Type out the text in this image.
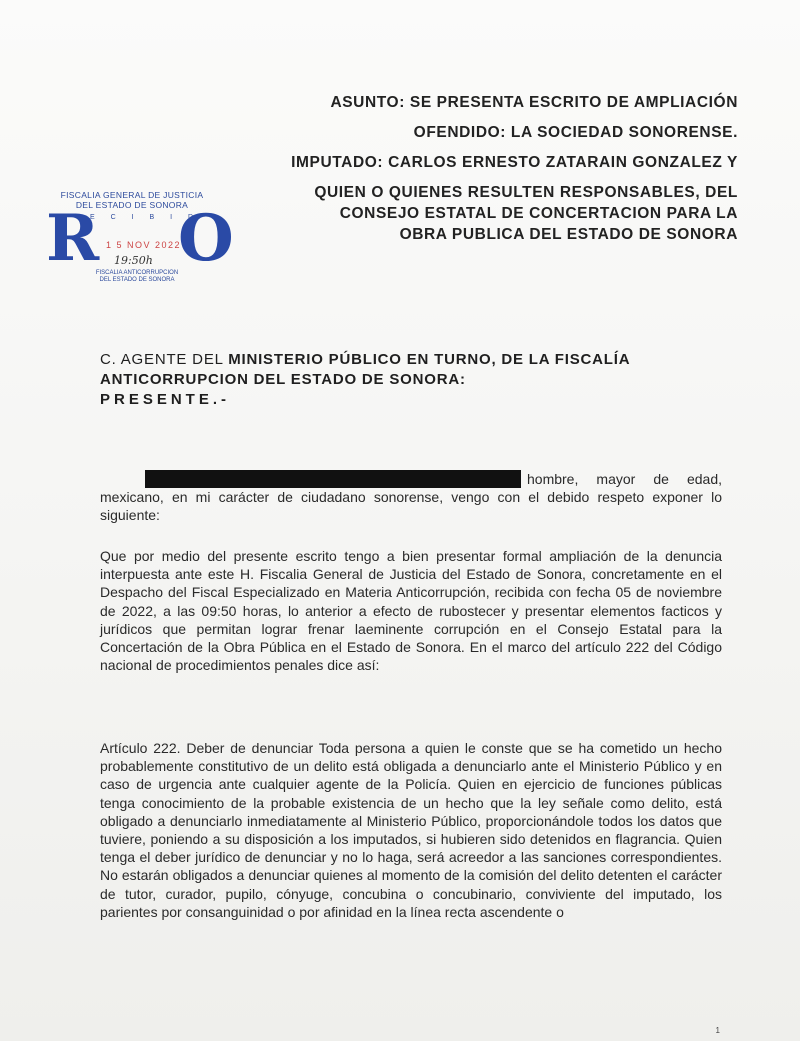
ASUNTO: SE PRESENTA ESCRITO DE AMPLIACIÓN
OFENDIDO: LA SOCIEDAD SONORENSE.
IMPUTADO: CARLOS ERNESTO ZATARAIN GONZALEZ Y
QUIEN O QUIENES RESULTEN RESPONSABLES, DEL
CONSEJO ESTATAL DE CONCERTACION PARA LA
OBRA PUBLICA DEL ESTADO DE SONORA
FISCALIA GENERAL DE JUSTICIA
DEL ESTADO DE SONORA
R
E C I B I D
1 5 NOV 2022
19:50h
FISCALIA ANTICORRUPCION
DEL ESTADO DE SONORA
O
C. AGENTE DEL MINISTERIO PÚBLICO EN TURNO, DE LA FISCALÍA
ANTICORRUPCION DEL ESTADO DE SONORA:
PRESENTE.-
hombre, mayor de edad, mexicano, en mi carácter de ciudadano sonorense, vengo con el debido respeto exponer lo siguiente:
Que por medio del presente escrito tengo a bien presentar formal ampliación de la denuncia interpuesta ante este H. Fiscalia General de Justicia del Estado de Sonora, concretamente en el Despacho del Fiscal Especializado en Materia Anticorrupción, recibida con fecha 05 de noviembre de 2022, a las 09:50 horas, lo anterior a efecto de rubostecer y presentar elementos facticos y jurídicos que permitan lograr frenar laeminente corrupción en el Consejo Estatal para la Concertación de la Obra Pública en el Estado de Sonora. En el marco del artículo 222 del Código nacional de procedimientos penales dice así:
Artículo 222. Deber de denunciar Toda persona a quien le conste que se ha cometido un hecho probablemente constitutivo de un delito está obligada a denunciarlo ante el Ministerio Público y en caso de urgencia ante cualquier agente de la Policía. Quien en ejercicio de funciones públicas tenga conocimiento de la probable existencia de un hecho que la ley señale como delito, está obligado a denunciarlo inmediatamente al Ministerio Público, proporcionándole todos los datos que tuviere, poniendo a su disposición a los imputados, si hubieren sido detenidos en flagrancia. Quien tenga el deber jurídico de denunciar y no lo haga, será acreedor a las sanciones correspondientes. No estarán obligados a denunciar quienes al momento de la comisión del delito detenten el carácter de tutor, curador, pupilo, cónyuge, concubina o concubinario, conviviente del imputado, los parientes por consanguinidad o por afinidad en la línea recta ascendente o
1
